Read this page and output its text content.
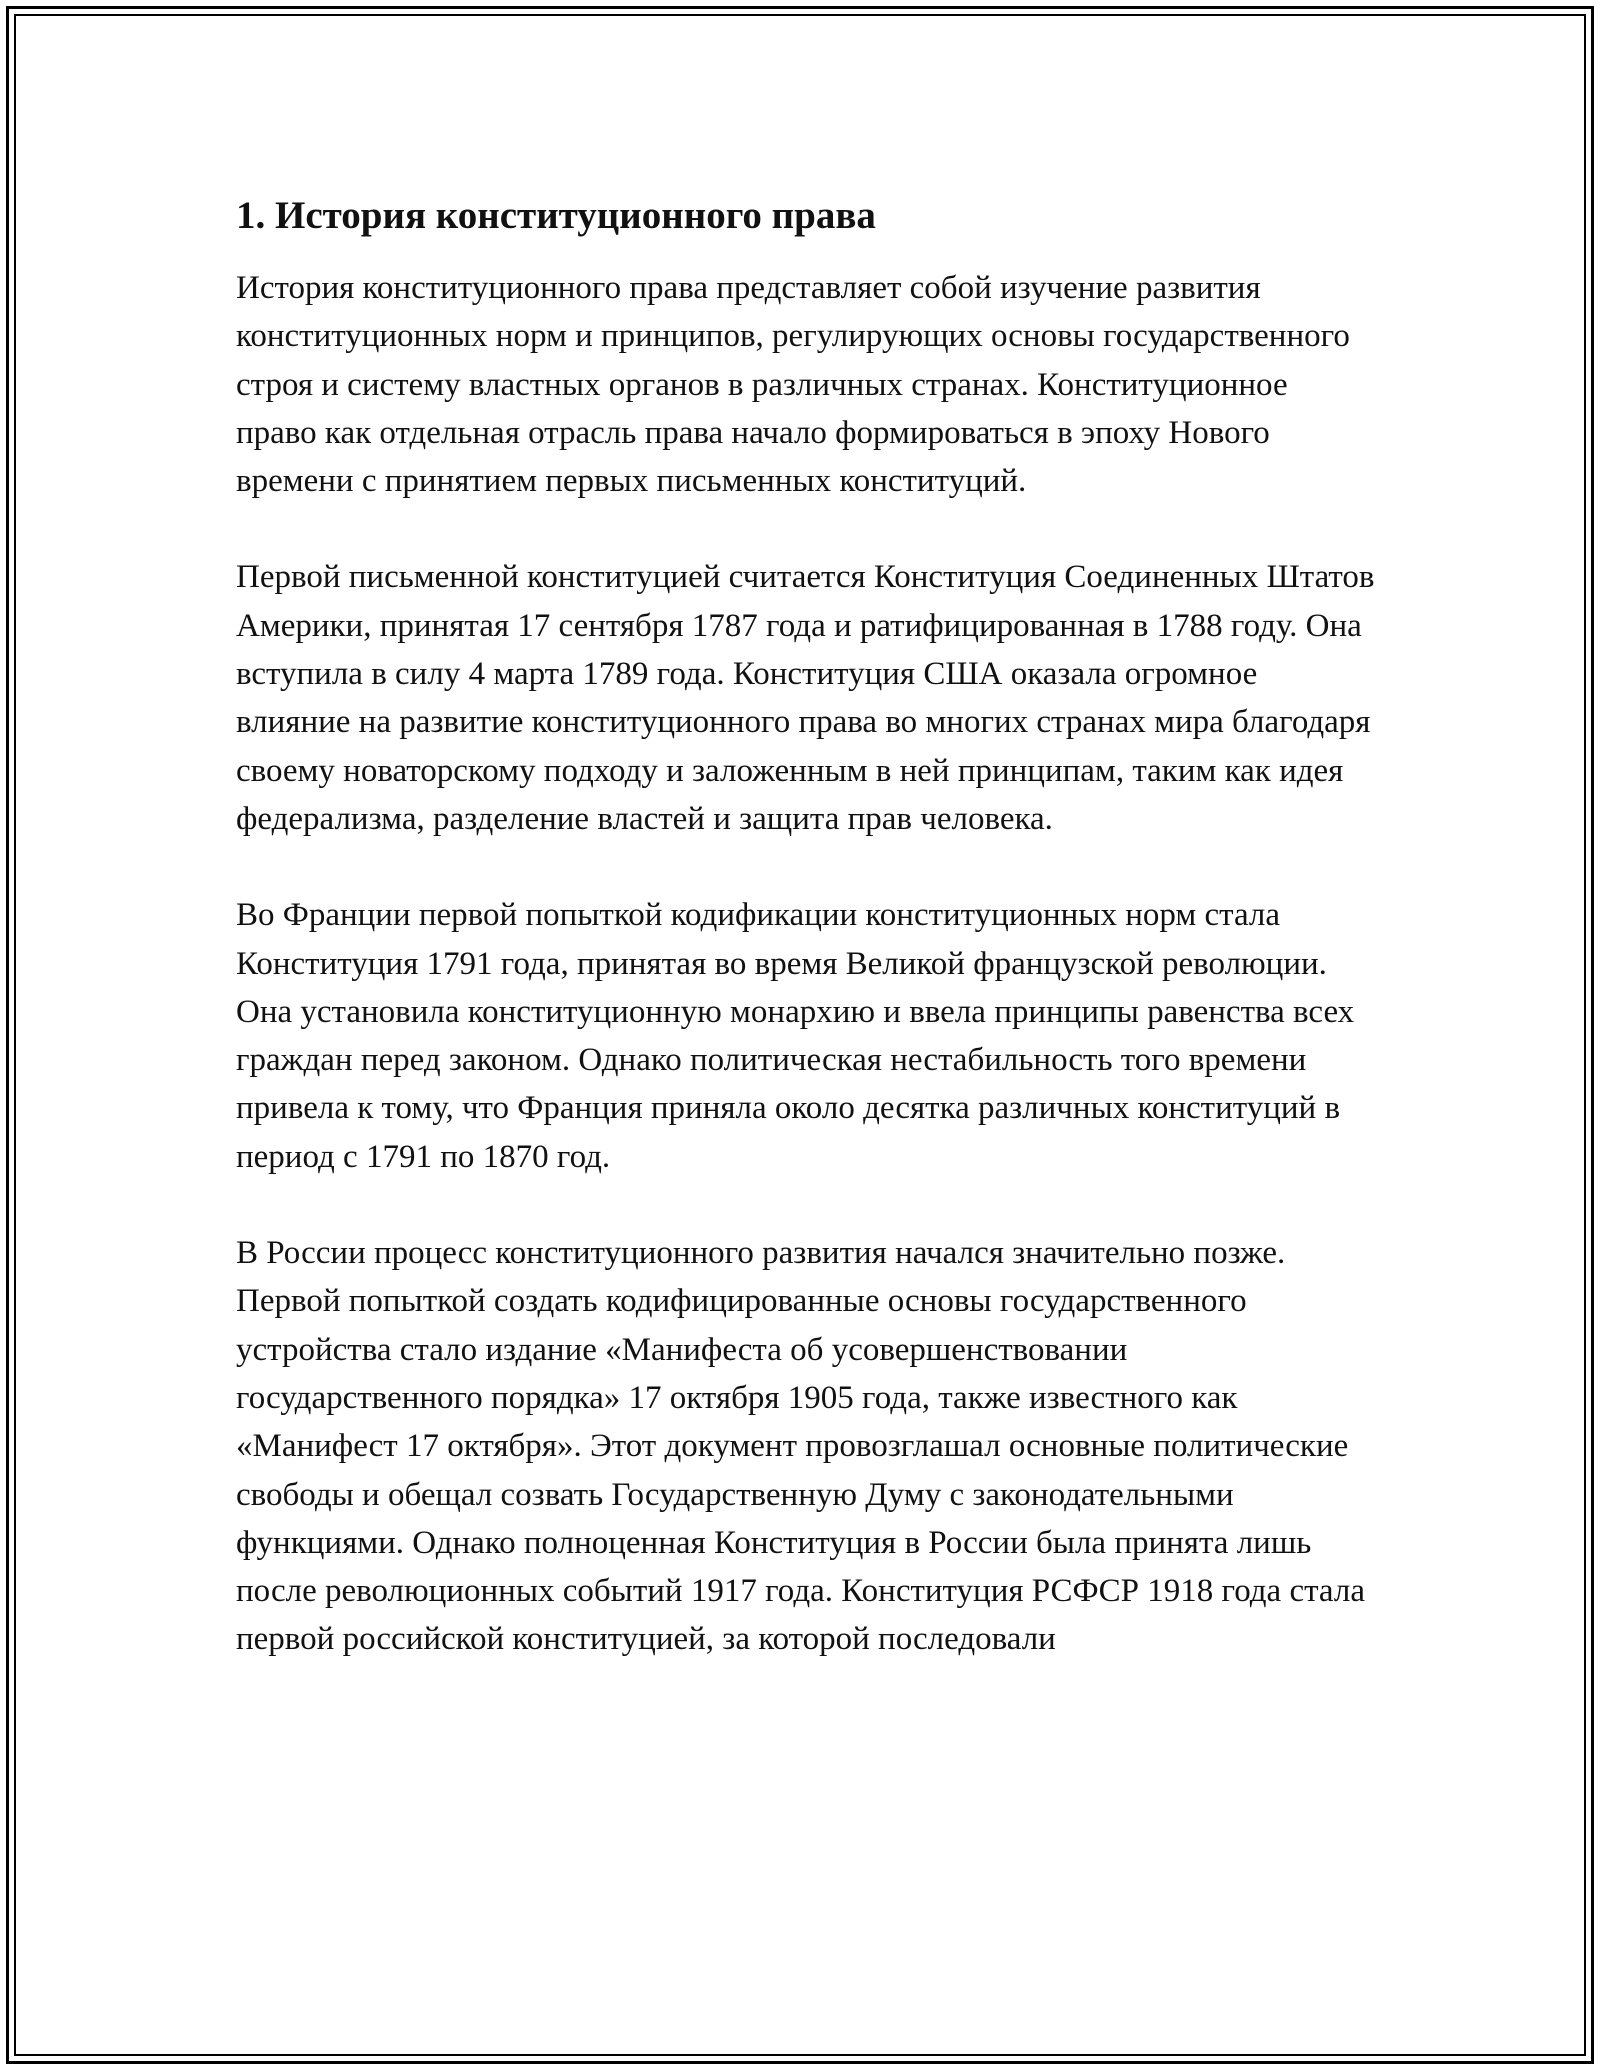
1. История конституционного права

История конституционного права представляет собой изучение развития конституционных норм и принципов, регулирующих основы государственного строя и систему властных органов в различных странах. Конституционное право как отдельная отрасль права начало формироваться в эпоху Нового времени с принятием первых письменных конституций.

Первой письменной конституцией считается Конституция Соединенных Штатов Америки, принятая 17 сентября 1787 года и ратифицированная в 1788 году. Она вступила в силу 4 марта 1789 года. Конституция США оказала огромное влияние на развитие конституционного права во многих странах мира благодаря своему новаторскому подходу и заложенным в ней принципам, таким как идея федерализма, разделение властей и защита прав человека.

Во Франции первой попыткой кодификации конституционных норм стала Конституция 1791 года, принятая во время Великой французской революции. Она установила конституционную монархию и ввела принципы равенства всех граждан перед законом. Однако политическая нестабильность того времени привела к тому, что Франция приняла около десятка различных конституций в период с 1791 по 1870 год.

В России процесс конституционного развития начался значительно позже. Первой попыткой создать кодифицированные основы государственного устройства стало издание «Манифеста об усовершенствовании государственного порядка» 17 октября 1905 года, также известного как «Манифест 17 октября». Этот документ провозглашал основные политические свободы и обещал созвать Государственную Думу с законодательными функциями. Однако полноценная Конституция в России была принята лишь после революционных событий 1917 года. Конституция РСФСР 1918 года стала первой российской конституцией, за которой последовали
